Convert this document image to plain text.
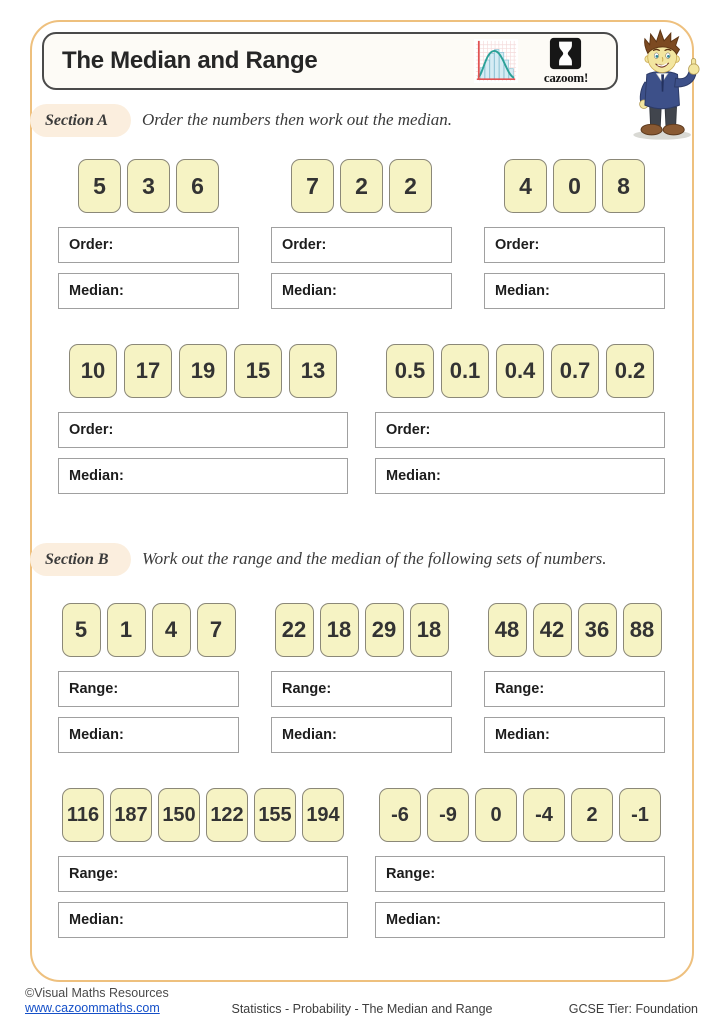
The Median and Range
cazoom!
Section A Order the numbers then work out the median.
5	3	6
Order:
Median:
7	2	2
Order:
Median:
4	0	8
Order:
Median:
10	17	19	15	13
Order:
Median:
0.5	0.1	0.4	0.7	0.2
Order:
Median:
Section B Work out the range and the median of the following sets of numbers.
5	1	4	7
Range:
Median:
22 18 29 18
Range:
Median:
48 42 36 88
Range:
Median:
116 187 150 122 155 194
Range:
Median:
-6	-9	0	-4	2	-1
Range:
Median:
©Visual Maths Resources
www.cazoommaths.com	Statistics - Probability - The Median and Range	GCSE Tier: Foundation
